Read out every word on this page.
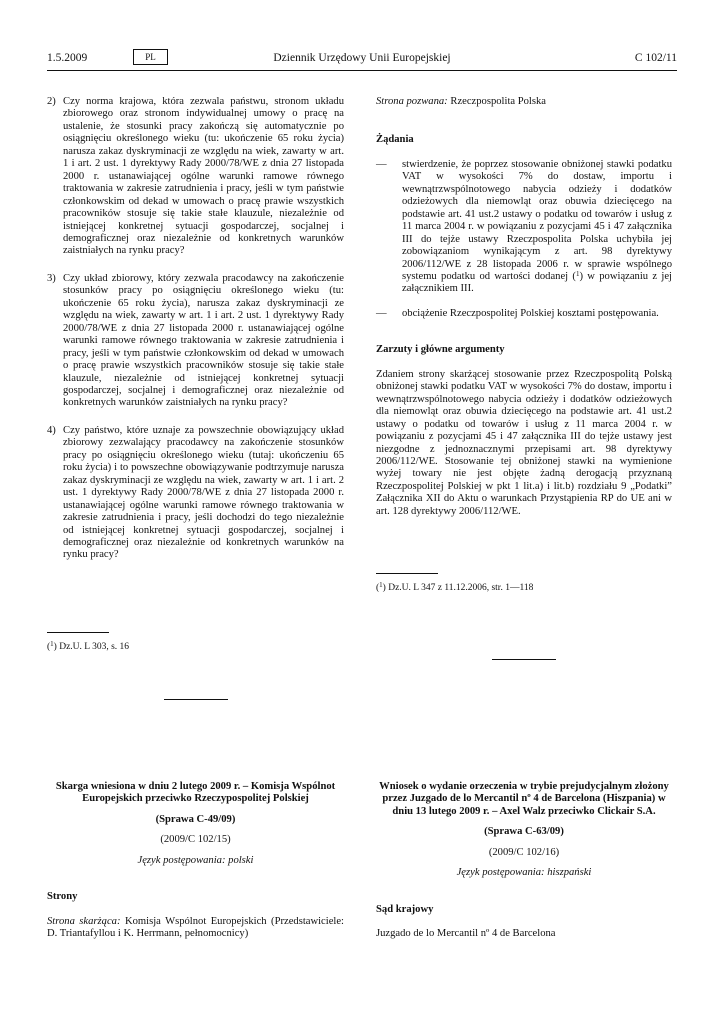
1.5.2009	PL	Dziennik Urzędowy Unii Europejskiej	C 102/11

2) Czy norma krajowa, która zezwala państwu, stronom układu zbiorowego oraz stronom indywidualnej umowy o pracę na ustalenie, że stosunki pracy zakończą się automatycznie po osiągnięciu określonego wieku (tu: ukończenie 65 roku życia) narusza zakaz dyskryminacji ze względu na wiek, zawarty w art. 1 i art. 2 ust. 1 dyrektywy Rady 2000/78/WE z dnia 27 listopada 2000 r. ustanawiającej ogólne warunki ramowe równego traktowania w zakresie zatrudnienia i pracy, jeśli w tym państwie członkowskim od dekad w umowach o pracę prawie wszystkich pracowników stosuje się takie stałe klauzule, niezależnie od istniejącej konkretnej sytuacji gospodarczej, socjalnej i demograficznej oraz niezależnie od konkretnych warunków zaistniałych na rynku pracy?

3) Czy układ zbiorowy, który zezwala pracodawcy na zakończenie stosunków pracy po osiągnięciu określonego wieku (tu: ukończenie 65 roku życia), narusza zakaz dyskryminacji ze względu na wiek, zawarty w art. 1 i art. 2 ust. 1 dyrektywy Rady 2000/78/WE z dnia 27 listopada 2000 r. ustanawiającej ogólne warunki ramowe równego traktowania w zakresie zatrudnienia i pracy, jeśli w tym państwie członkowskim od dekad w umowach o pracę prawie wszystkich pracowników stosuje się takie stałe klauzule, niezależnie od istniejącej konkretnej sytuacji gospodarczej, socjalnej i demograficznej oraz niezależnie od konkretnych warunków zaistniałych na rynku pracy?

4) Czy państwo, które uznaje za powszechnie obowiązujący układ zbiorowy zezwalający pracodawcy na zakończenie stosunków pracy po osiągnięciu określonego wieku (tutaj: ukończeniu 65 roku życia) i to powszechne obowiązywanie podtrzymuje narusza zakaz dyskryminacji ze względu na wiek, zawarty w art. 1 i art. 2 ust. 1 dyrektywy Rady 2000/78/WE z dnia 27 listopada 2000 r. ustanawiającej ogólne warunki ramowe równego traktowania w zakresie zatrudnienia i pracy, jeśli dochodzi do tego niezależnie od istniejącej konkretnej sytuacji gospodarczej, socjalnej i demograficznej oraz niezależnie od konkretnych warunków na rynku pracy?

($^1$) Dz.U. L 303, s. 16

Strona pozwana: Rzeczpospolita Polska

Żądania

— stwierdzenie, że poprzez stosowanie obniżonej stawki podatku VAT w wysokości 7% do dostaw, importu i wewnątrzwspólnotowego nabycia odzieży i dodatków odzieżowych dla niemowląt oraz obuwia dziecięcego na podstawie art. 41 ust.2 ustawy o podatku od towarów i usług z 11 marca 2004 r. w powiązaniu z pozycjami 45 i 47 załącznika III do tejże ustawy Rzeczpospolita Polska uchybiła jej zobowiązaniom wynikającym z art. 98 dyrektywy 2006/112/WE z 28 listopada 2006 r. w sprawie wspólnego systemu podatku od wartości dodanej ($^1$) w powiązaniu z jej załącznikiem III.

— obciążenie Rzeczpospolitej Polskiej kosztami postępowania.

Zarzuty i główne argumenty

Zdaniem strony skarżącej stosowanie przez Rzeczpospolitą Polską obniżonej stawki podatku VAT w wysokości 7% do dostaw, importu i wewnątrzwspólnotowego nabycia odzieży i dodatków odzieżowych dla niemowląt oraz obuwia dziecięcego na podstawie art. 41 ust.2 ustawy o podatku od towarów i usług z 11 marca 2004 r. w powiązaniu z pozycjami 45 i 47 załącznika III do tejże ustawy jest niezgodne z jednoznacznymi przepisami art. 98 dyrektywy 2006/112/WE. Stosowanie tej obniżonej stawki na wymienione wyżej towary nie jest objęte żadną derogacją przyznaną Rzeczpospolitej Polskiej w pkt 1 lit.a) i lit.b) rozdziału 9 „Podatki” Załącznika XII do Aktu o warunkach Przystąpienia RP do UE ani w art. 128 dyrektywy 2006/112/WE.

($^1$) Dz.U. L 347 z 11.12.2006, str. 1—118

Skarga wniesiona w dniu 2 lutego 2009 r. – Komisja Wspólnot Europejskich przeciwko Rzeczypospolitej Polskiej

(Sprawa C-49/09)

(2009/C 102/15)

Język postępowania: polski

Strony

Strona skarżąca: Komisja Wspólnot Europejskich (Przedstawiciele: D. Triantafyllou i K. Herrmann, pełnomocnicy)

Wniosek o wydanie orzeczenia w trybie prejudycjalnym złożony przez Juzgado de lo Mercantil nº 4 de Barcelona (Hiszpania) w dniu 13 lutego 2009 r. – Axel Walz przeciwko Clickair S.A.

(Sprawa C-63/09)

(2009/C 102/16)

Język postępowania: hiszpański

Sąd krajowy

Juzgado de lo Mercantil nº 4 de Barcelona
